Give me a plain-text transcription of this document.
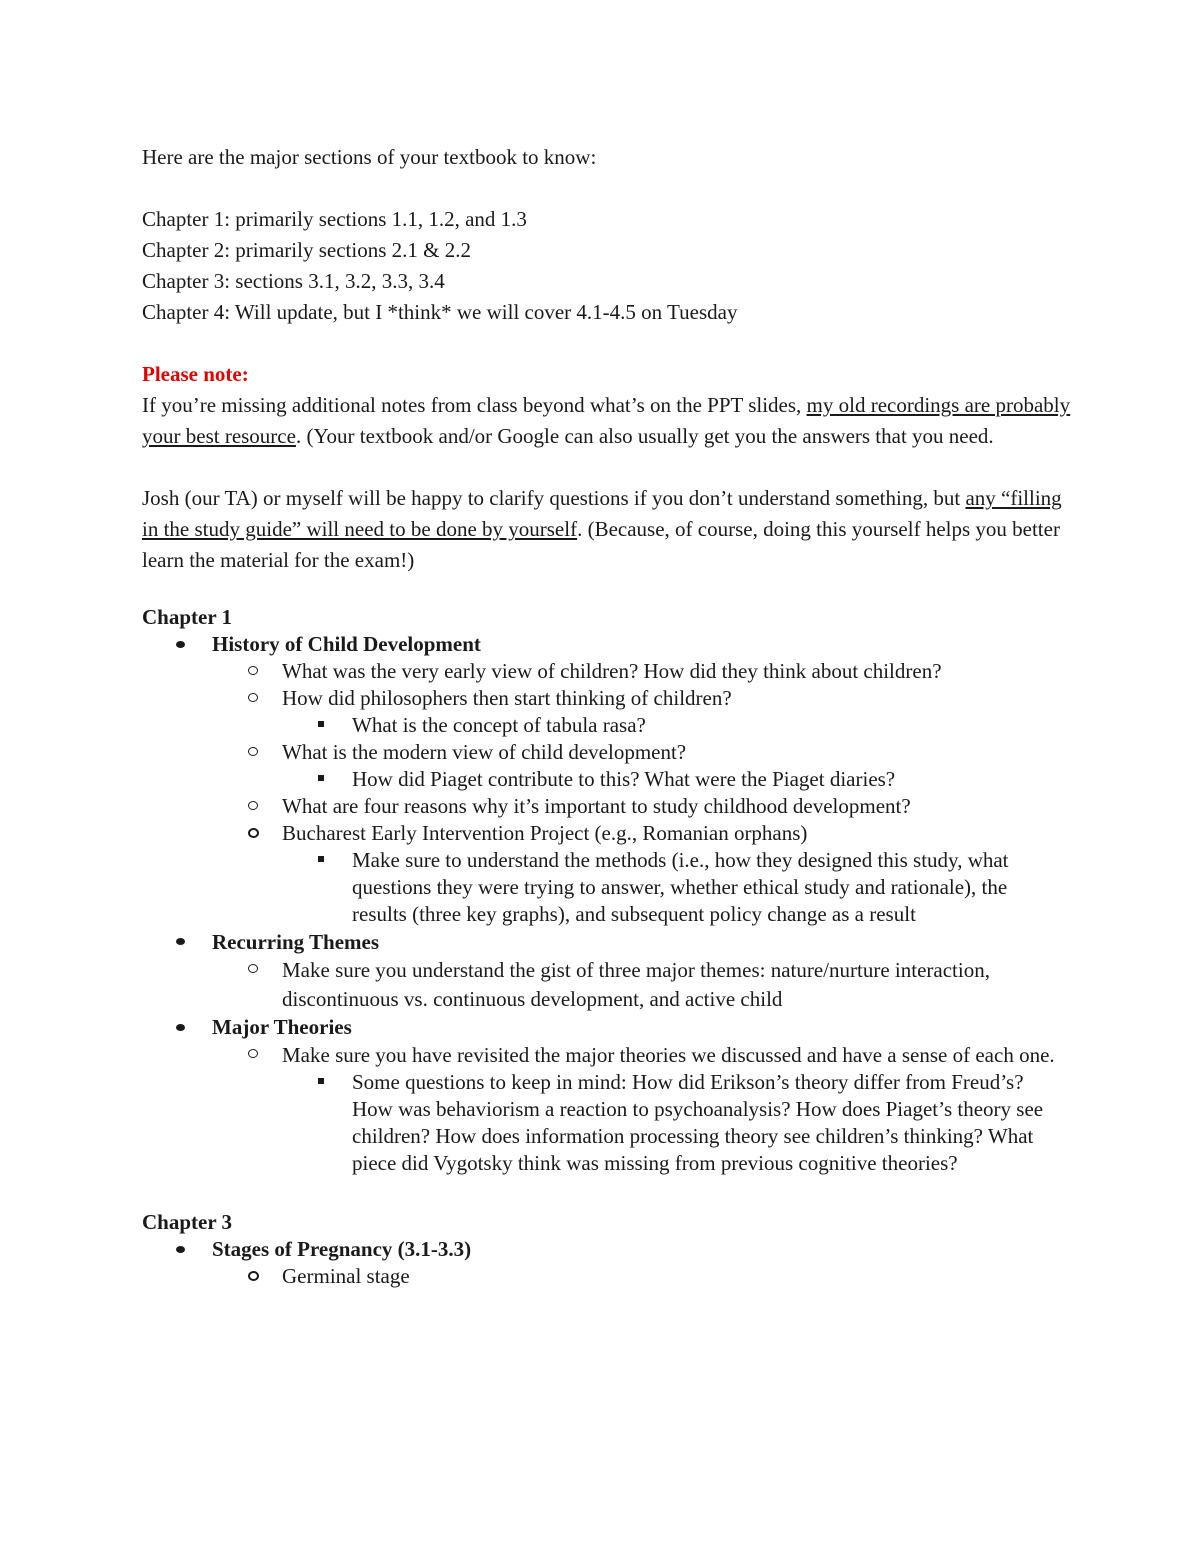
Here are the major sections of your textbook to know:

Chapter 1: primarily sections 1.1, 1.2, and 1.3

Chapter 2: primarily sections 2.1 & 2.2

Chapter 3: sections 3.1, 3.2, 3.3, 3.4

Chapter 4: Will update, but I *think* we will cover 4.1-4.5 on Tuesday

Please note:

If you’re missing additional notes from class beyond what’s on the PPT slides, my old recordings are probably your best resource. (Your textbook and/or Google can also usually get you the answers that you need.

Josh (our TA) or myself will be happy to clarify questions if you don’t understand something, but any “filling in the study guide” will need to be done by yourself. (Because, of course, doing this yourself helps you better learn the material for the exam!)

Chapter 1

History of Child Development
What was the very early view of children? How did they think about children?
How did philosophers then start thinking of children?
What is the concept of tabula rasa?
What is the modern view of child development?
How did Piaget contribute to this? What were the Piaget diaries?
What are four reasons why it’s important to study childhood development?
Bucharest Early Intervention Project (e.g., Romanian orphans)
Make sure to understand the methods (i.e., how they designed this study, what questions they were trying to answer, whether ethical study and rationale), the results (three key graphs), and subsequent policy change as a result
Recurring Themes
Make sure you understand the gist of three major themes: nature/nurture interaction, discontinuous vs. continuous development, and active child
Major Theories
Make sure you have revisited the major theories we discussed and have a sense of each one.
Some questions to keep in mind: How did Erikson’s theory differ from Freud’s? How was behaviorism a reaction to psychoanalysis? How does Piaget’s theory see children? How does information processing theory see children’s thinking? What piece did Vygotsky think was missing from previous cognitive theories?

Chapter 3

Stages of Pregnancy (3.1-3.3)
Germinal stage
